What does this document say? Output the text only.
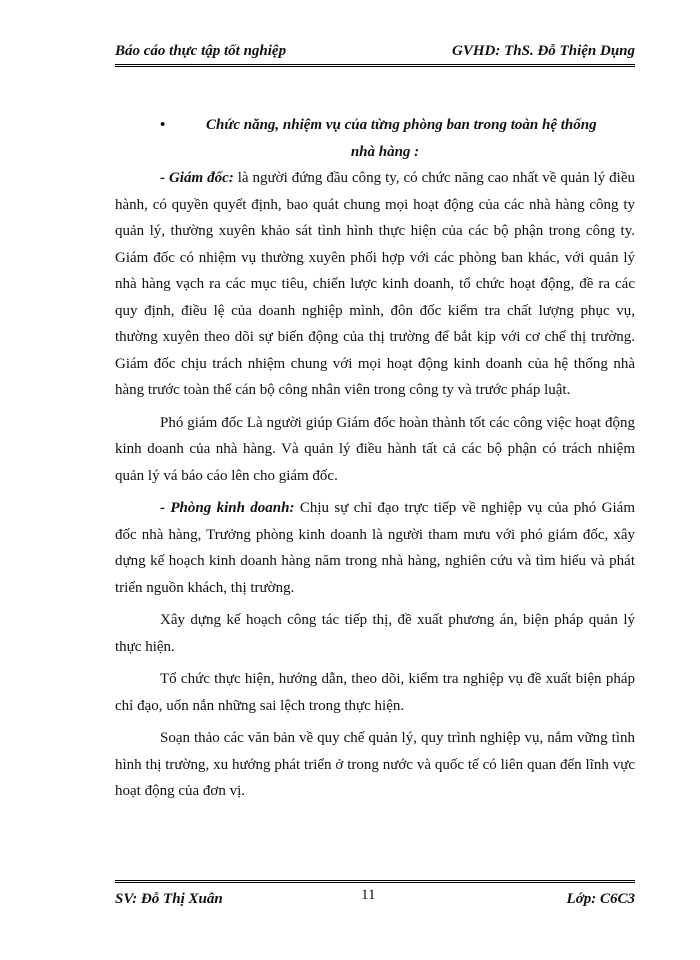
Báo cáo thực tập tốt nghiệp	GVHD: ThS. Đỗ Thiện Dụng
•	Chức năng, nhiệm vụ của từng phòng ban trong toàn hệ thống
nhà hàng :

- Giám đốc: là người đứng đầu công ty, có chức năng cao nhất về quản lý điều hành, có quyền quyết định, bao quát chung mọi hoạt động của các nhà hàng công ty quản lý, thường xuyên khảo sát tình hình thực hiện của các bộ phận trong công ty. Giám đốc có nhiệm vụ thường xuyên phối hợp với các phòng ban khác, với quản lý nhà hàng vạch ra các mục tiêu, chiến lược kinh doanh, tổ chức hoạt động, đề ra các quy định, điều lệ của doanh nghiệp mình, đôn đốc kiểm tra chất lượng phục vụ, thường xuyên theo dõi sự biến động của thị trường để bắt kịp với cơ chế thị trường. Giám đốc chịu trách nhiệm chung với mọi hoạt động kinh doanh của hệ thống nhà hàng trước toàn thể cán bộ công nhân viên trong công ty và trước pháp luật.

Phó giám đốc Là người giúp Giám đốc hoàn thành tốt các công việc hoạt động kinh doanh của nhà hàng. Và quản lý điều hành tất cả các bộ phận có trách nhiệm quản lý vá báo cáo lên cho giám đốc.

- Phòng kinh doanh: Chịu sự chỉ đạo trực tiếp về nghiệp vụ của phó Giám đốc nhà hàng, Trưởng phòng kinh doanh là người tham mưu với phó giám đốc, xây dựng kế hoạch kinh doanh hàng năm trong nhà hàng, nghiên cứu và tìm hiểu và phát triển nguồn khách, thị trường.

Xây dựng kế hoạch công tác tiếp thị, đề xuất phương án, biện pháp quản lý thực hiện.

Tổ chức thực hiện, hướng dẫn, theo dõi, kiểm tra nghiệp vụ đề xuất biện pháp chỉ đạo, uốn nắn những sai lệch trong thực hiện.

Soạn thảo các văn bản về quy chế quản lý, quy trình nghiệp vụ, nắm vững tình hình thị trường, xu hướng phát triển ở trong nước và quốc tế có liên quan đến lĩnh vực hoạt động của đơn vị.

SV: Đỗ Thị Xuân	11	Lớp: C6C3
